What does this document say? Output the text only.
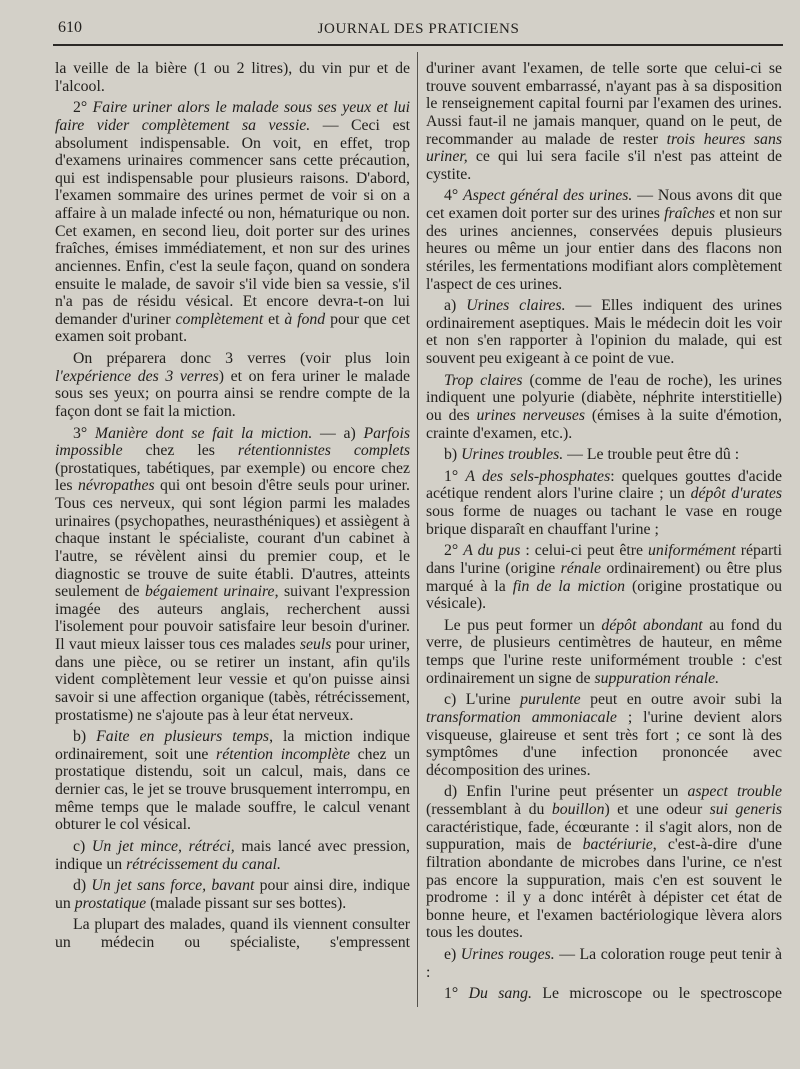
610	JOURNAL DES PRATICIENS

la veille de la bière (1 ou 2 litres), du vin pur et de l'alcool.

2° Faire uriner alors le malade sous ses yeux et lui faire vider complètement sa vessie. — Ceci est absolument indispensable. On voit, en effet, trop d'examens urinaires commencer sans cette précaution, qui est indispensable pour plusieurs raisons. D'abord, l'examen sommaire des urines permet de voir si on a affaire à un malade infecté ou non, hématurique ou non. Cet examen, en second lieu, doit porter sur des urines fraîches, émises immédiatement, et non sur des urines anciennes. Enfin, c'est la seule façon, quand on sondera ensuite le malade, de savoir s'il vide bien sa vessie, s'il n'a pas de résidu vésical. Et encore devra-t-on lui demander d'uriner complètement et à fond pour que cet examen soit probant.

On préparera donc 3 verres (voir plus loin l'expérience des 3 verres) et on fera uriner le malade sous ses yeux; on pourra ainsi se rendre compte de la façon dont se fait la miction.

3° Manière dont se fait la miction. — a) Parfois impossible chez les rétentionnistes complets (prostatiques, tabétiques, par exemple) ou encore chez les névropathes qui ont besoin d'être seuls pour uriner. Tous ces nerveux, qui sont légion parmi les malades urinaires (psychopathes, neurasthéniques) et assiègent à chaque instant le spécialiste, courant d'un cabinet à l'autre, se révèlent ainsi du premier coup, et le diagnostic se trouve de suite établi. D'autres, atteints seulement de bégaiement urinaire, suivant l'expression imagée des auteurs anglais, recherchent aussi l'isolement pour pouvoir satisfaire leur besoin d'uriner. Il vaut mieux laisser tous ces malades seuls pour uriner, dans une pièce, ou se retirer un instant, afin qu'ils vident complètement leur vessie et qu'on puisse ainsi savoir si une affection organique (tabès, rétrécissement, prostatisme) ne s'ajoute pas à leur état nerveux.

b) Faite en plusieurs temps, la miction indique ordinairement, soit une rétention incomplète chez un prostatique distendu, soit un calcul, mais, dans ce dernier cas, le jet se trouve brusquement interrompu, en même temps que le malade souffre, le calcul venant obturer le col vésical.

c) Un jet mince, rétréci, mais lancé avec pression, indique un rétrécissement du canal.

d) Un jet sans force, bavant pour ainsi dire, indique un prostatique (malade pissant sur ses bottes).

La plupart des malades, quand ils viennent consulter un médecin ou spécialiste, s'empressent

d'uriner avant l'examen, de telle sorte que celui-ci se trouve souvent embarrassé, n'ayant pas à sa disposition le renseignement capital fourni par l'examen des urines. Aussi faut-il ne jamais manquer, quand on le peut, de recommander au malade de rester trois heures sans uriner, ce qui lui sera facile s'il n'est pas atteint de cystite.

4° Aspect général des urines. — Nous avons dit que cet examen doit porter sur des urines fraîches et non sur des urines anciennes, conservées depuis plusieurs heures ou même un jour entier dans des flacons non stériles, les fermentations modifiant alors complètement l'aspect de ces urines.

a) Urines claires. — Elles indiquent des urines ordinairement aseptiques. Mais le médecin doit les voir et non s'en rapporter à l'opinion du malade, qui est souvent peu exigeant à ce point de vue.

Trop claires (comme de l'eau de roche), les urines indiquent une polyurie (diabète, néphrite interstitielle) ou des urines nerveuses (émises à la suite d'émotion, crainte d'examen, etc.).

b) Urines troubles. — Le trouble peut être dû :

1° A des sels-phosphates: quelques gouttes d'acide acétique rendent alors l'urine claire ; un dépôt d'urates sous forme de nuages ou tachant le vase en rouge brique disparaît en chauffant l'urine ;

2° A du pus : celui-ci peut être uniformément réparti dans l'urine (origine rénale ordinairement) ou être plus marqué à la fin de la miction (origine prostatique ou vésicale).

Le pus peut former un dépôt abondant au fond du verre, de plusieurs centimètres de hauteur, en même temps que l'urine reste uniformément trouble : c'est ordinairement un signe de suppuration rénale.

c) L'urine purulente peut en outre avoir subi la transformation ammoniacale ; l'urine devient alors visqueuse, glaireuse et sent très fort ; ce sont là des symptômes d'une infection prononcée avec décomposition des urines.

d) Enfin l'urine peut présenter un aspect trouble (ressemblant à du bouillon) et une odeur sui generis caractéristique, fade, écœurante : il s'agit alors, non de suppuration, mais de bactériurie, c'est-à-dire d'une filtration abondante de microbes dans l'urine, ce n'est pas encore la suppuration, mais c'en est souvent le prodrome : il y a donc intérêt à dépister cet état de bonne heure, et l'examen bactériologique lèvera alors tous les doutes.

e) Urines rouges. — La coloration rouge peut tenir à :

1° Du sang. Le microscope ou le spectroscope
